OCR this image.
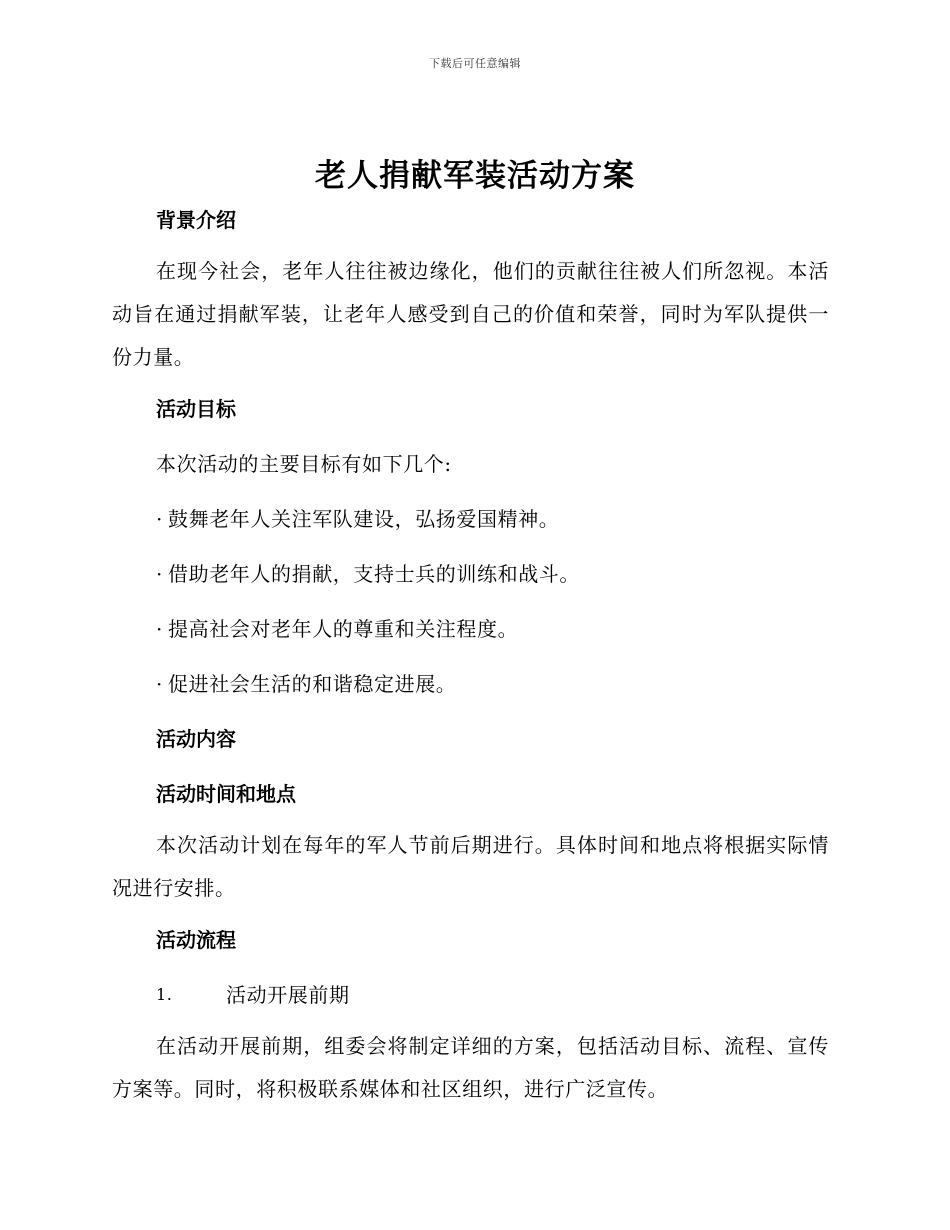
下载后可任意编辑
老人捐献军装活动方案

背景介绍

在现今社会，老年人往往被边缘化，他们的贡献往往被人们所忽视。本活动旨在通过捐献军装，让老年人感受到自己的价值和荣誉，同时为军队提供一份力量。

活动目标

本次活动的主要目标有如下几个:

· 鼓舞老年人关注军队建设，弘扬爱国精神。

· 借助老年人的捐献，支持士兵的训练和战斗。

· 提高社会对老年人的尊重和关注程度。

· 促进社会生活的和谐稳定进展。

活动内容

活动时间和地点

本次活动计划在每年的军人节前后期进行。具体时间和地点将根据实际情况进行安排。

活动流程

1.	活动开展前期

在活动开展前期，组委会将制定详细的方案，包括活动目标、流程、宣传方案等。同时，将积极联系媒体和社区组织，进行广泛宣传。
